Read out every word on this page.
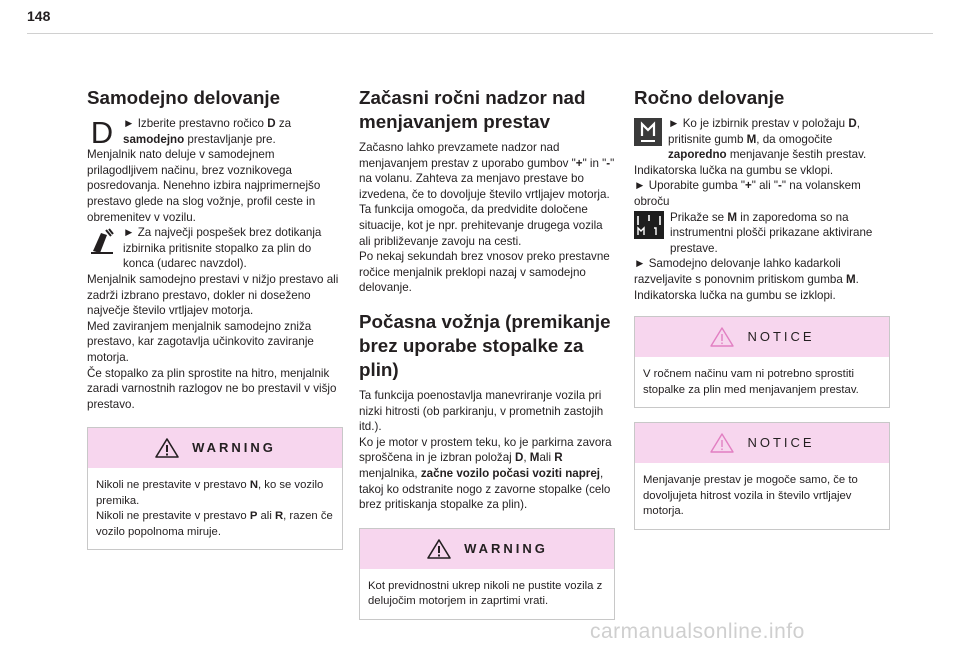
148
Samodejno delovanje

D ► Izberite prestavno ročico D za samodejno prestavljanje pre.

Menjalnik nato deluje v samodejnem prilagodljivem načinu, brez voznikovega posredovanja. Nenehno izbira najprimernejšo prestavo glede na slog vožnje, profil ceste in obremenitev v vozilu.

► Za največji pospešek brez dotikanja izbirnika pritisnite stopalko za plin do konca (udarec navzdol).

Menjalnik samodejno prestavi v nižjo prestavo ali zadrži izbrano prestavo, dokler ni doseženo največje število vrtljajev motorja.

Med zaviranjem menjalnik samodejno zniža prestavo, kar zagotavlja učinkovito zaviranje motorja.

Če stopalko za plin sprostite na hitro, menjalnik zaradi varnostnih razlogov ne bo prestavil v višjo prestavo.

WARNING

Nikoli ne prestavite v prestavo N, ko se vozilo premika.

Nikoli ne prestavite v prestavo P ali R, razen če vozilo popolnoma miruje.

Začasni ročni nadzor nad menjavanjem prestav

Začasno lahko prevzamete nadzor nad menjavanjem prestav z uporabo gumbov "+" in "-" na volanu. Zahteva za menjavo prestave bo izvedena, če to dovoljuje število vrtljajev motorja.

Ta funkcija omogoča, da predvidite določene situacije, kot je npr. prehitevanje drugega vozila ali približevanje zavoju na cesti.

Po nekaj sekundah brez vnosov preko prestavne ročice menjalnik preklopi nazaj v samodejno delovanje.

Počasna vožnja (premikanje brez uporabe stopalke za plin)

Ta funkcija poenostavlja manevriranje vozila pri nizki hitrosti (ob parkiranju, v prometnih zastojih itd.).

Ko je motor v prostem teku, ko je parkirna zavora sproščena in je izbran položaj D, Mali R menjalnika, začne vozilo počasi voziti naprej, takoj ko odstranite nogo z zavorne stopalke (celo brez pritiskanja stopalke za plin).

WARNING
Kot previdnostni ukrep nikoli ne pustite vozila z delujočim motorjem in zaprtimi vrati.
Ročno delovanje

► Ko je izbirnik prestav v položaju D, pritisnite gumb M, da omogočite zaporedno menjavanje šestih prestav.

Indikatorska lučka na gumbu se vklopi.

► Uporabite gumba "+" ali "-" na volanskem obroču

Prikaže se M in zaporedoma so na instrumentni plošči prikazane aktivirane prestave.

► Samodejno delovanje lahko kadarkoli razveljavite s ponovnim pritiskom gumba M.

Indikatorska lučka na gumbu se izklopi.

NOTICE
V ročnem načinu vam ni potrebno sprostiti stopalke za plin med menjavanjem prestav.
NOTICE
Menjavanje prestav je mogoče samo, če to dovoljujeta hitrost vozila in število vrtljajev motorja.
carmanualsonline.info
